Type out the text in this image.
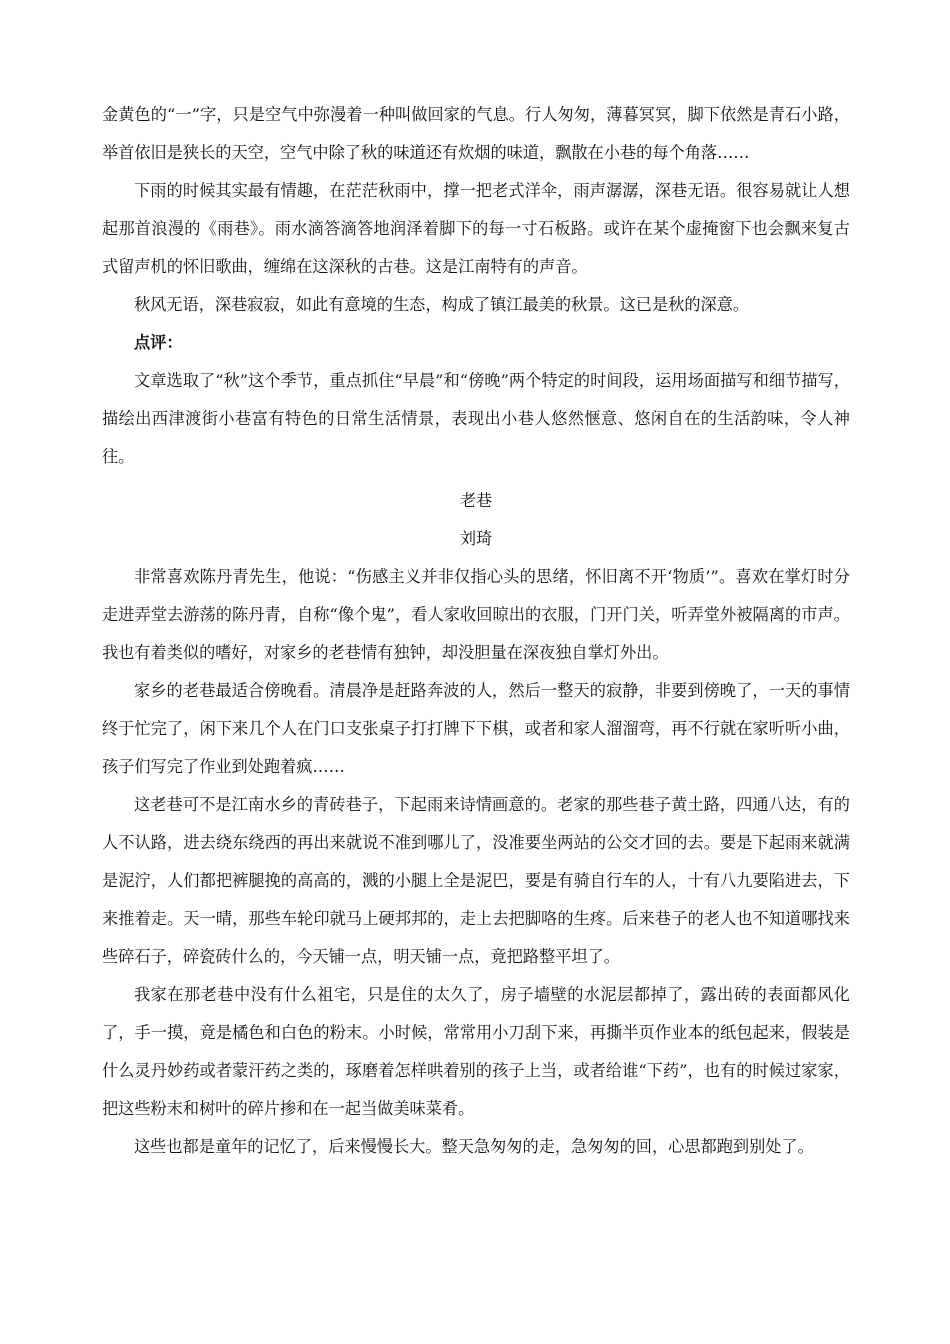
金黄色的“一”字，只是空气中弥漫着一种叫做回家的气息。行人匆匆，薄暮冥冥，脚下依然是青石小路，举首依旧是狭长的天空，空气中除了秋的味道还有炊烟的味道，飘散在小巷的每个角落……

下雨的时候其实最有情趣，在茫茫秋雨中，撑一把老式洋伞，雨声潺潺，深巷无语。很容易就让人想起那首浪漫的《雨巷》。雨水滴答滴答地润泽着脚下的每一寸石板路。或许在某个虚掩窗下也会飘来复古式留声机的怀旧歌曲，缠绵在这深秋的古巷。这是江南特有的声音。

秋风无语，深巷寂寂，如此有意境的生态，构成了镇江最美的秋景。这已是秋的深意。

点评：

文章选取了“秋”这个季节，重点抓住“早晨”和“傍晚”两个特定的时间段，运用场面描写和细节描写，描绘出西津渡街小巷富有特色的日常生活情景，表现出小巷人悠然惬意、悠闲自在的生活韵味，令人神往。

老巷

刘琦

非常喜欢陈丹青先生，他说：“伤感主义并非仅指心头的思绪，怀旧离不开‘物质’”。喜欢在掌灯时分走进弄堂去游荡的陈丹青，自称“像个鬼”，看人家收回晾出的衣服，门开门关，听弄堂外被隔离的市声。我也有着类似的嗜好，对家乡的老巷情有独钟，却没胆量在深夜独自掌灯外出。

家乡的老巷最适合傍晚看。清晨净是赶路奔波的人，然后一整天的寂静，非要到傍晚了，一天的事情终于忙完了，闲下来几个人在门口支张桌子打打牌下下棋，或者和家人溜溜弯，再不行就在家听听小曲，孩子们写完了作业到处跑着疯……

这老巷可不是江南水乡的青砖巷子，下起雨来诗情画意的。老家的那些巷子黄土路，四通八达，有的人不认路，进去绕东绕西的再出来就说不准到哪儿了，没准要坐两站的公交才回的去。要是下起雨来就满是泥泞，人们都把裤腿挽的高高的，溅的小腿上全是泥巴，要是有骑自行车的人，十有八九要陷进去，下来推着走。天一晴，那些车轮印就马上硬邦邦的，走上去把脚咯的生疼。后来巷子的老人也不知道哪找来些碎石子，碎瓷砖什么的，今天铺一点，明天铺一点，竟把路整平坦了。

我家在那老巷中没有什么祖宅，只是住的太久了，房子墙壁的水泥层都掉了，露出砖的表面都风化了，手一摸，竟是橘色和白色的粉末。小时候，常常用小刀刮下来，再撕半页作业本的纸包起来，假装是什么灵丹妙药或者蒙汗药之类的，琢磨着怎样哄着别的孩子上当，或者给谁“下药”，也有的时候过家家，把这些粉末和树叶的碎片掺和在一起当做美味菜肴。

这些也都是童年的记忆了，后来慢慢长大。整天急匆匆的走，急匆匆的回，心思都跑到别处了。
